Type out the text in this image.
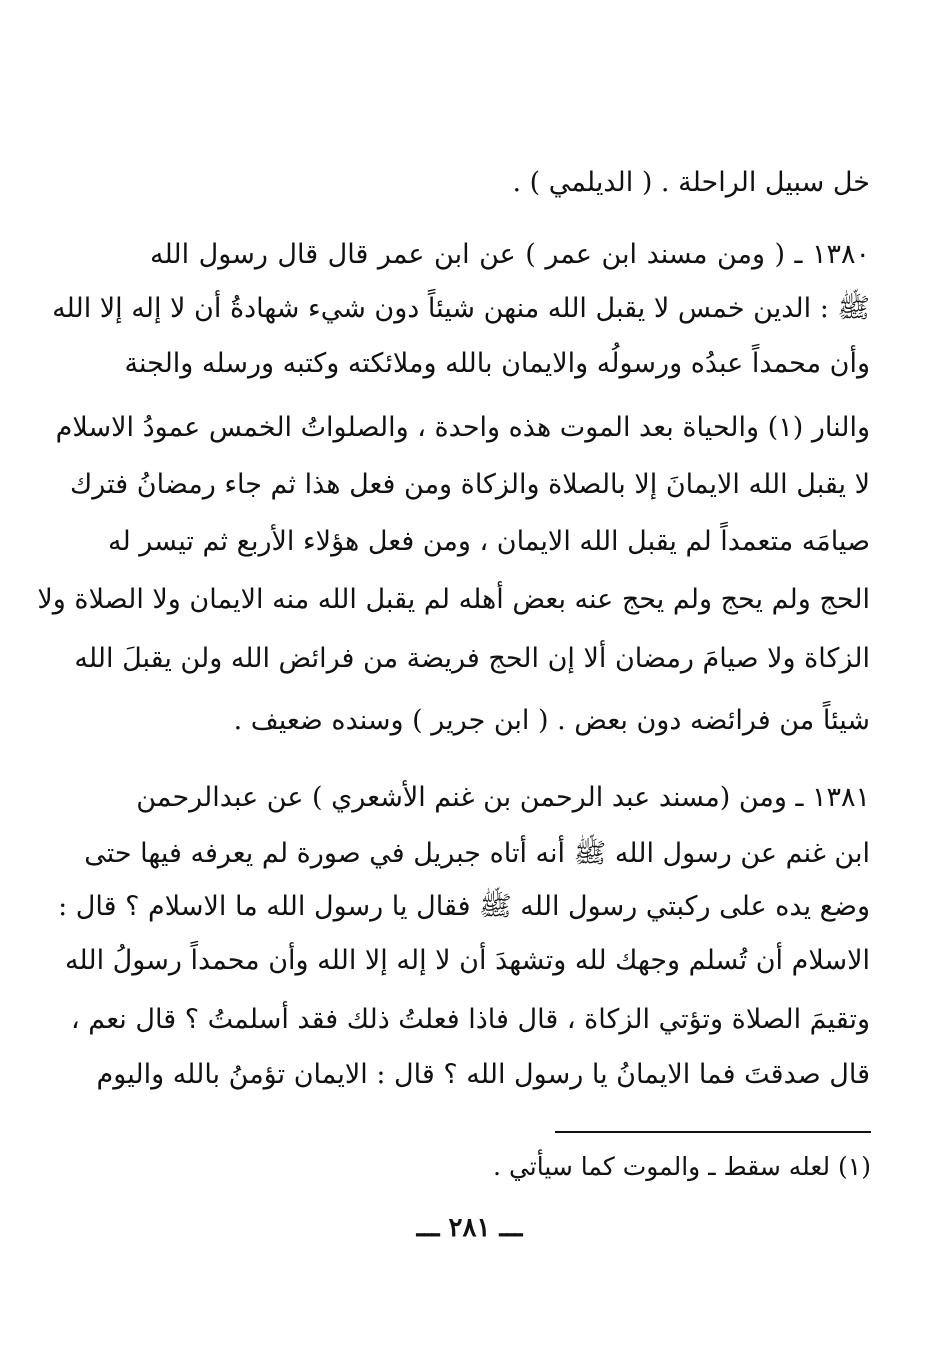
خل سبيل الراحلة . ( الديلمي ) .
١٣٨٠ ـ ( ومن مسند ابن عمر ) عن ابن عمر قال قال رسول الله
ﷺ : الدين خمس لا يقبل الله منهن شيئاً دون شيء شهادةُ أن لا إله إلا الله
وأن محمداً عبدُه ورسولُه والايمان بالله وملائكته وكتبه ورسله والجنة
والنار (١) والحياة بعد الموت هذه واحدة ، والصلواتُ الخمس عمودُ الاسلام
لا يقبل الله الايمانَ إلا بالصلاة والزكاة ومن فعل هذا ثم جاء رمضانُ فترك
صيامَه متعمداً لم يقبل الله الايمان ، ومن فعل هؤلاء الأربع ثم تيسر له
الحج ولم يحج ولم يحج عنه بعض أهله لم يقبل الله منه الايمان ولا الصلاة ولا
الزكاة ولا صيامَ رمضان ألا إن الحج فريضة من فرائض الله ولن يقبلَ الله
شيئاً من فرائضه دون بعض . ( ابن جرير ) وسنده ضعيف .
١٣٨١ ـ ومن (مسند عبد الرحمن بن غنم الأشعري ) عن عبدالرحمن
ابن غنم عن رسول الله ﷺ أنه أتاه جبريل في صورة لم يعرفه فيها حتى
وضع يده على ركبتي رسول الله ﷺ فقال يا رسول الله ما الاسلام ؟ قال :
الاسلام أن تُسلم وجهك لله وتشهدَ أن لا إله إلا الله وأن محمداً رسولُ الله
وتقيمَ الصلاة وتؤتي الزكاة ، قال فاذا فعلتُ ذلك فقد أسلمتُ ؟ قال نعم ،
قال صدقتَ فما الايمانُ يا رسول الله ؟ قال : الايمان تؤمنُ بالله واليوم
(١) لعله سقط ـ والموت كما سيأتي .
ـــ ٢٨١ ـــ
